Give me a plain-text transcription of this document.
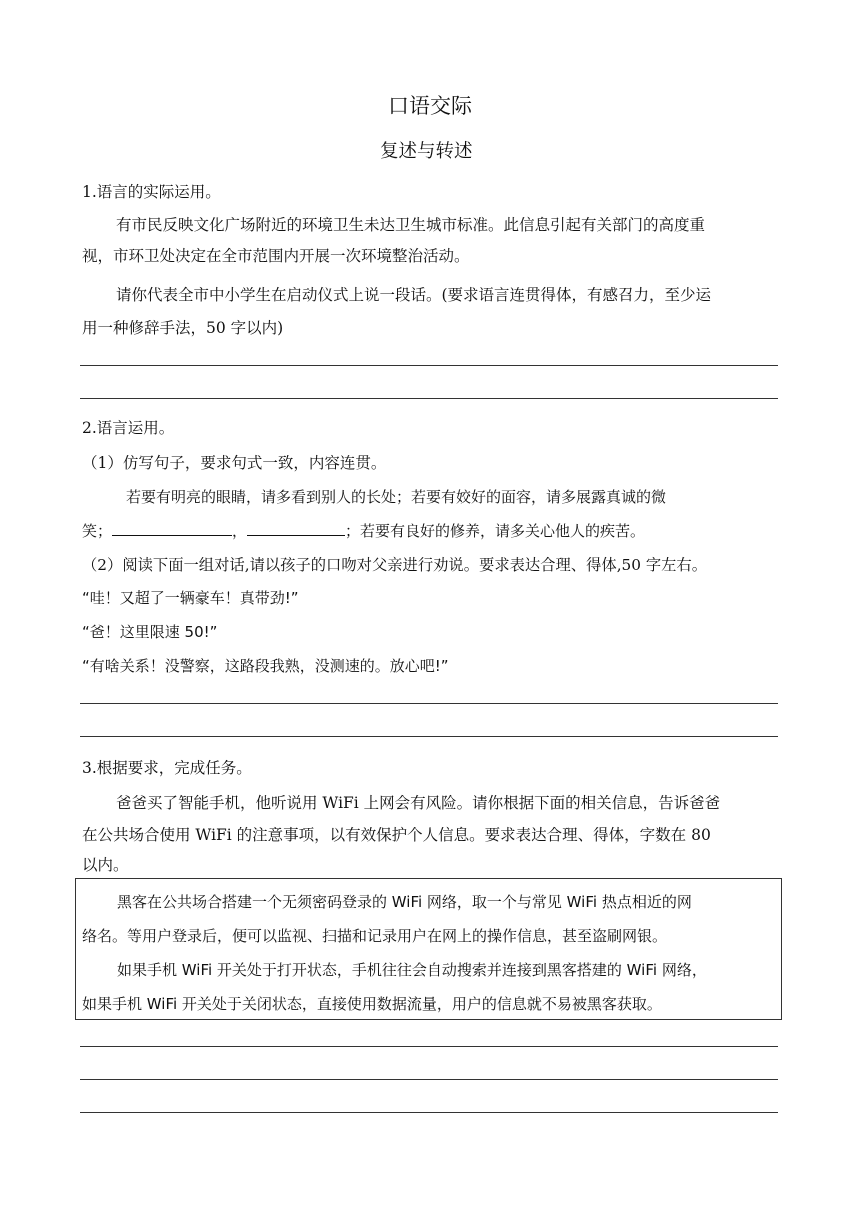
口语交际
复述与转述
1.语言的实际运用。
有市民反映文化广场附近的环境卫生未达卫生城市标准。此信息引起有关部门的高度重
视，市环卫处决定在全市范围内开展一次环境整治活动。
请你代表全市中小学生在启动仪式上说一段话。(要求语言连贯得体，有感召力，至少运
用一种修辞手法，50 字以内)
2.语言运用。
（1）仿写句子，要求句式一致，内容连贯。
若要有明亮的眼睛，请多看到别人的长处；若要有姣好的面容，请多展露真诚的微
笑；	，	；若要有良好的修养，请多关心他人的疾苦。
（2）阅读下面一组对话,请以孩子的口吻对父亲进行劝说。要求表达合理、得体,50 字左右。
“哇！又超了一辆豪车！真带劲!”
“爸！这里限速 50!”
“有啥关系！没警察，这路段我熟，没测速的。放心吧!”
3.根据要求，完成任务。
爸爸买了智能手机，他听说用 WiFi 上网会有风险。请你根据下面的相关信息，告诉爸爸
在公共场合使用 WiFi 的注意事项，以有效保护个人信息。要求表达合理、得体，字数在 80
以内。
黑客在公共场合搭建一个无须密码登录的 WiFi 网络，取一个与常见 WiFi 热点相近的网
络名。等用户登录后，便可以监视、扫描和记录用户在网上的操作信息，甚至盗刷网银。
如果手机 WiFi 开关处于打开状态，手机往往会自动搜索并连接到黑客搭建的 WiFi 网络，
如果手机 WiFi 开关处于关闭状态，直接使用数据流量，用户的信息就不易被黑客获取。
